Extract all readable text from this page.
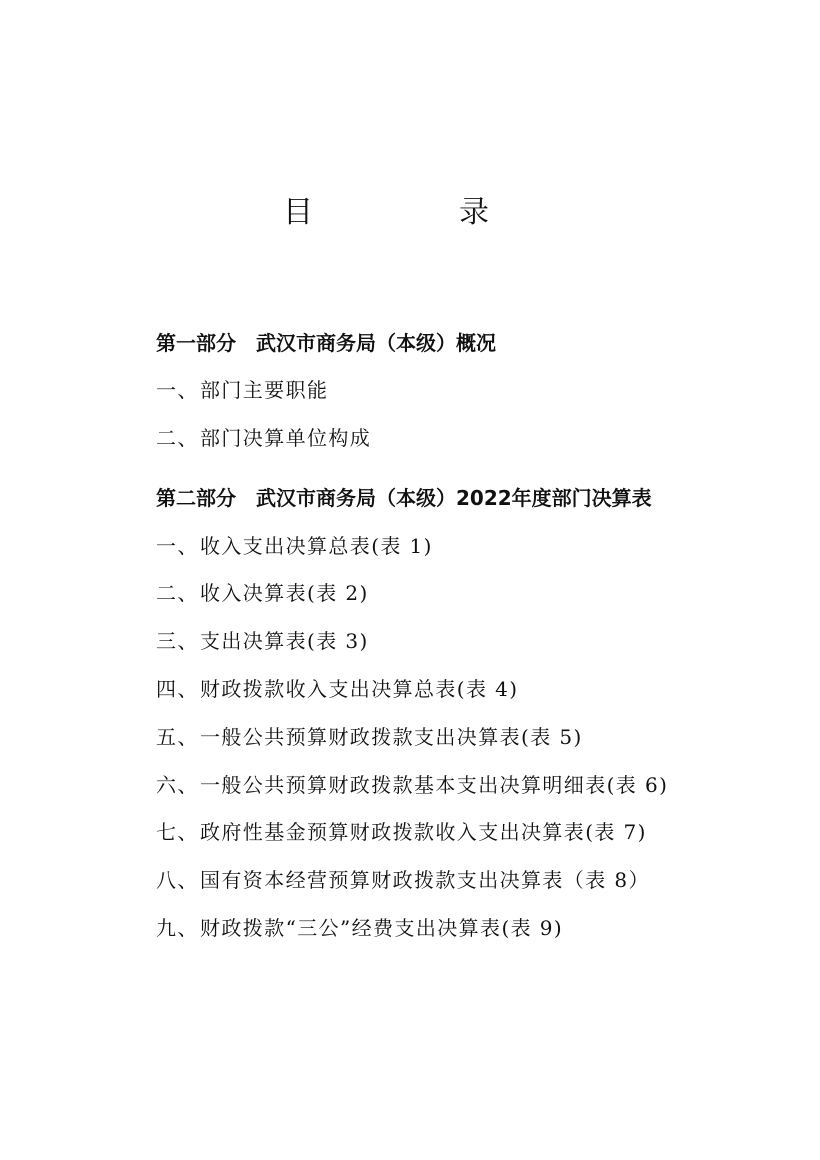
目　录
第一部分　武汉市商务局（本级）概况
一、部门主要职能
二、部门决算单位构成
第二部分　武汉市商务局（本级）2022年度部门决算表
一、收入支出决算总表(表 1)
二、收入决算表(表 2)
三、支出决算表(表 3)
四、财政拨款收入支出决算总表(表 4)
五、一般公共预算财政拨款支出决算表(表 5)
六、一般公共预算财政拨款基本支出决算明细表(表 6)
七、政府性基金预算财政拨款收入支出决算表(表 7)
八、国有资本经营预算财政拨款支出决算表（表 8）
九、财政拨款“三公”经费支出决算表(表 9)
